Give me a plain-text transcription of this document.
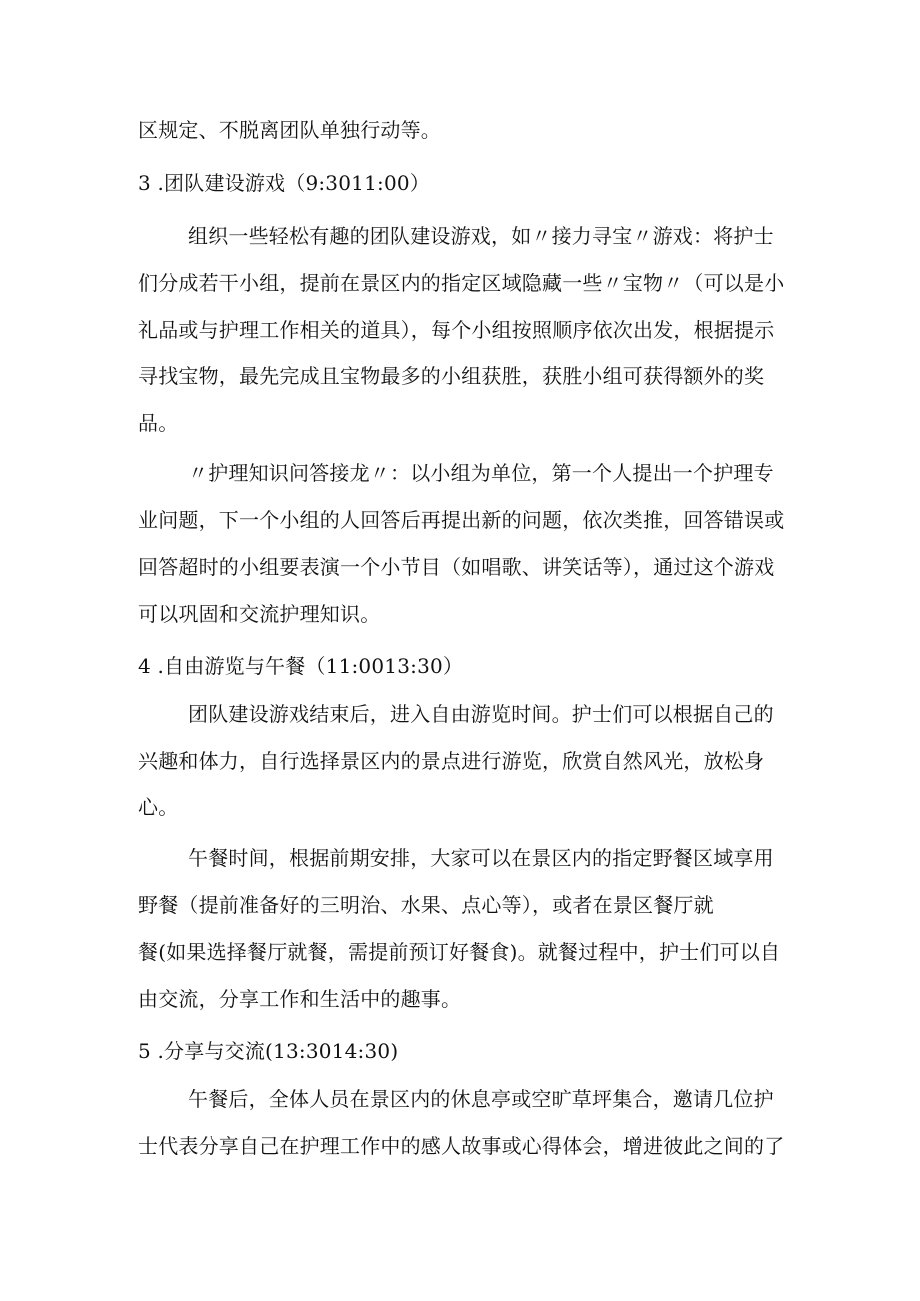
区规定、不脱离团队单独行动等。
3 .团队建设游戏（9:3011:00）
组织一些轻松有趣的团队建设游戏，如〃接力寻宝〃游戏：将护士
们分成若干小组，提前在景区内的指定区域隐藏一些〃宝物〃（可以是小
礼品或与护理工作相关的道具），每个小组按照顺序依次出发，根据提示
寻找宝物，最先完成且宝物最多的小组获胜，获胜小组可获得额外的奖
品。
〃护理知识问答接龙〃：以小组为单位，第一个人提出一个护理专
业问题，下一个小组的人回答后再提出新的问题，依次类推，回答错误或
回答超时的小组要表演一个小节目（如唱歌、讲笑话等），通过这个游戏
可以巩固和交流护理知识。
4 .自由游览与午餐（11:0013:30）
团队建设游戏结束后，进入自由游览时间。护士们可以根据自己的
兴趣和体力，自行选择景区内的景点进行游览，欣赏自然风光，放松身
心。
午餐时间，根据前期安排，大家可以在景区内的指定野餐区域享用
野餐（提前准备好的三明治、水果、点心等），或者在景区餐厅就
餐(如果选择餐厅就餐，需提前预订好餐食)。就餐过程中，护士们可以自
由交流，分享工作和生活中的趣事。
5 .分享与交流(13:3014:30)
午餐后，全体人员在景区内的休息亭或空旷草坪集合，邀请几位护
士代表分享自己在护理工作中的感人故事或心得体会，增进彼此之间的了
